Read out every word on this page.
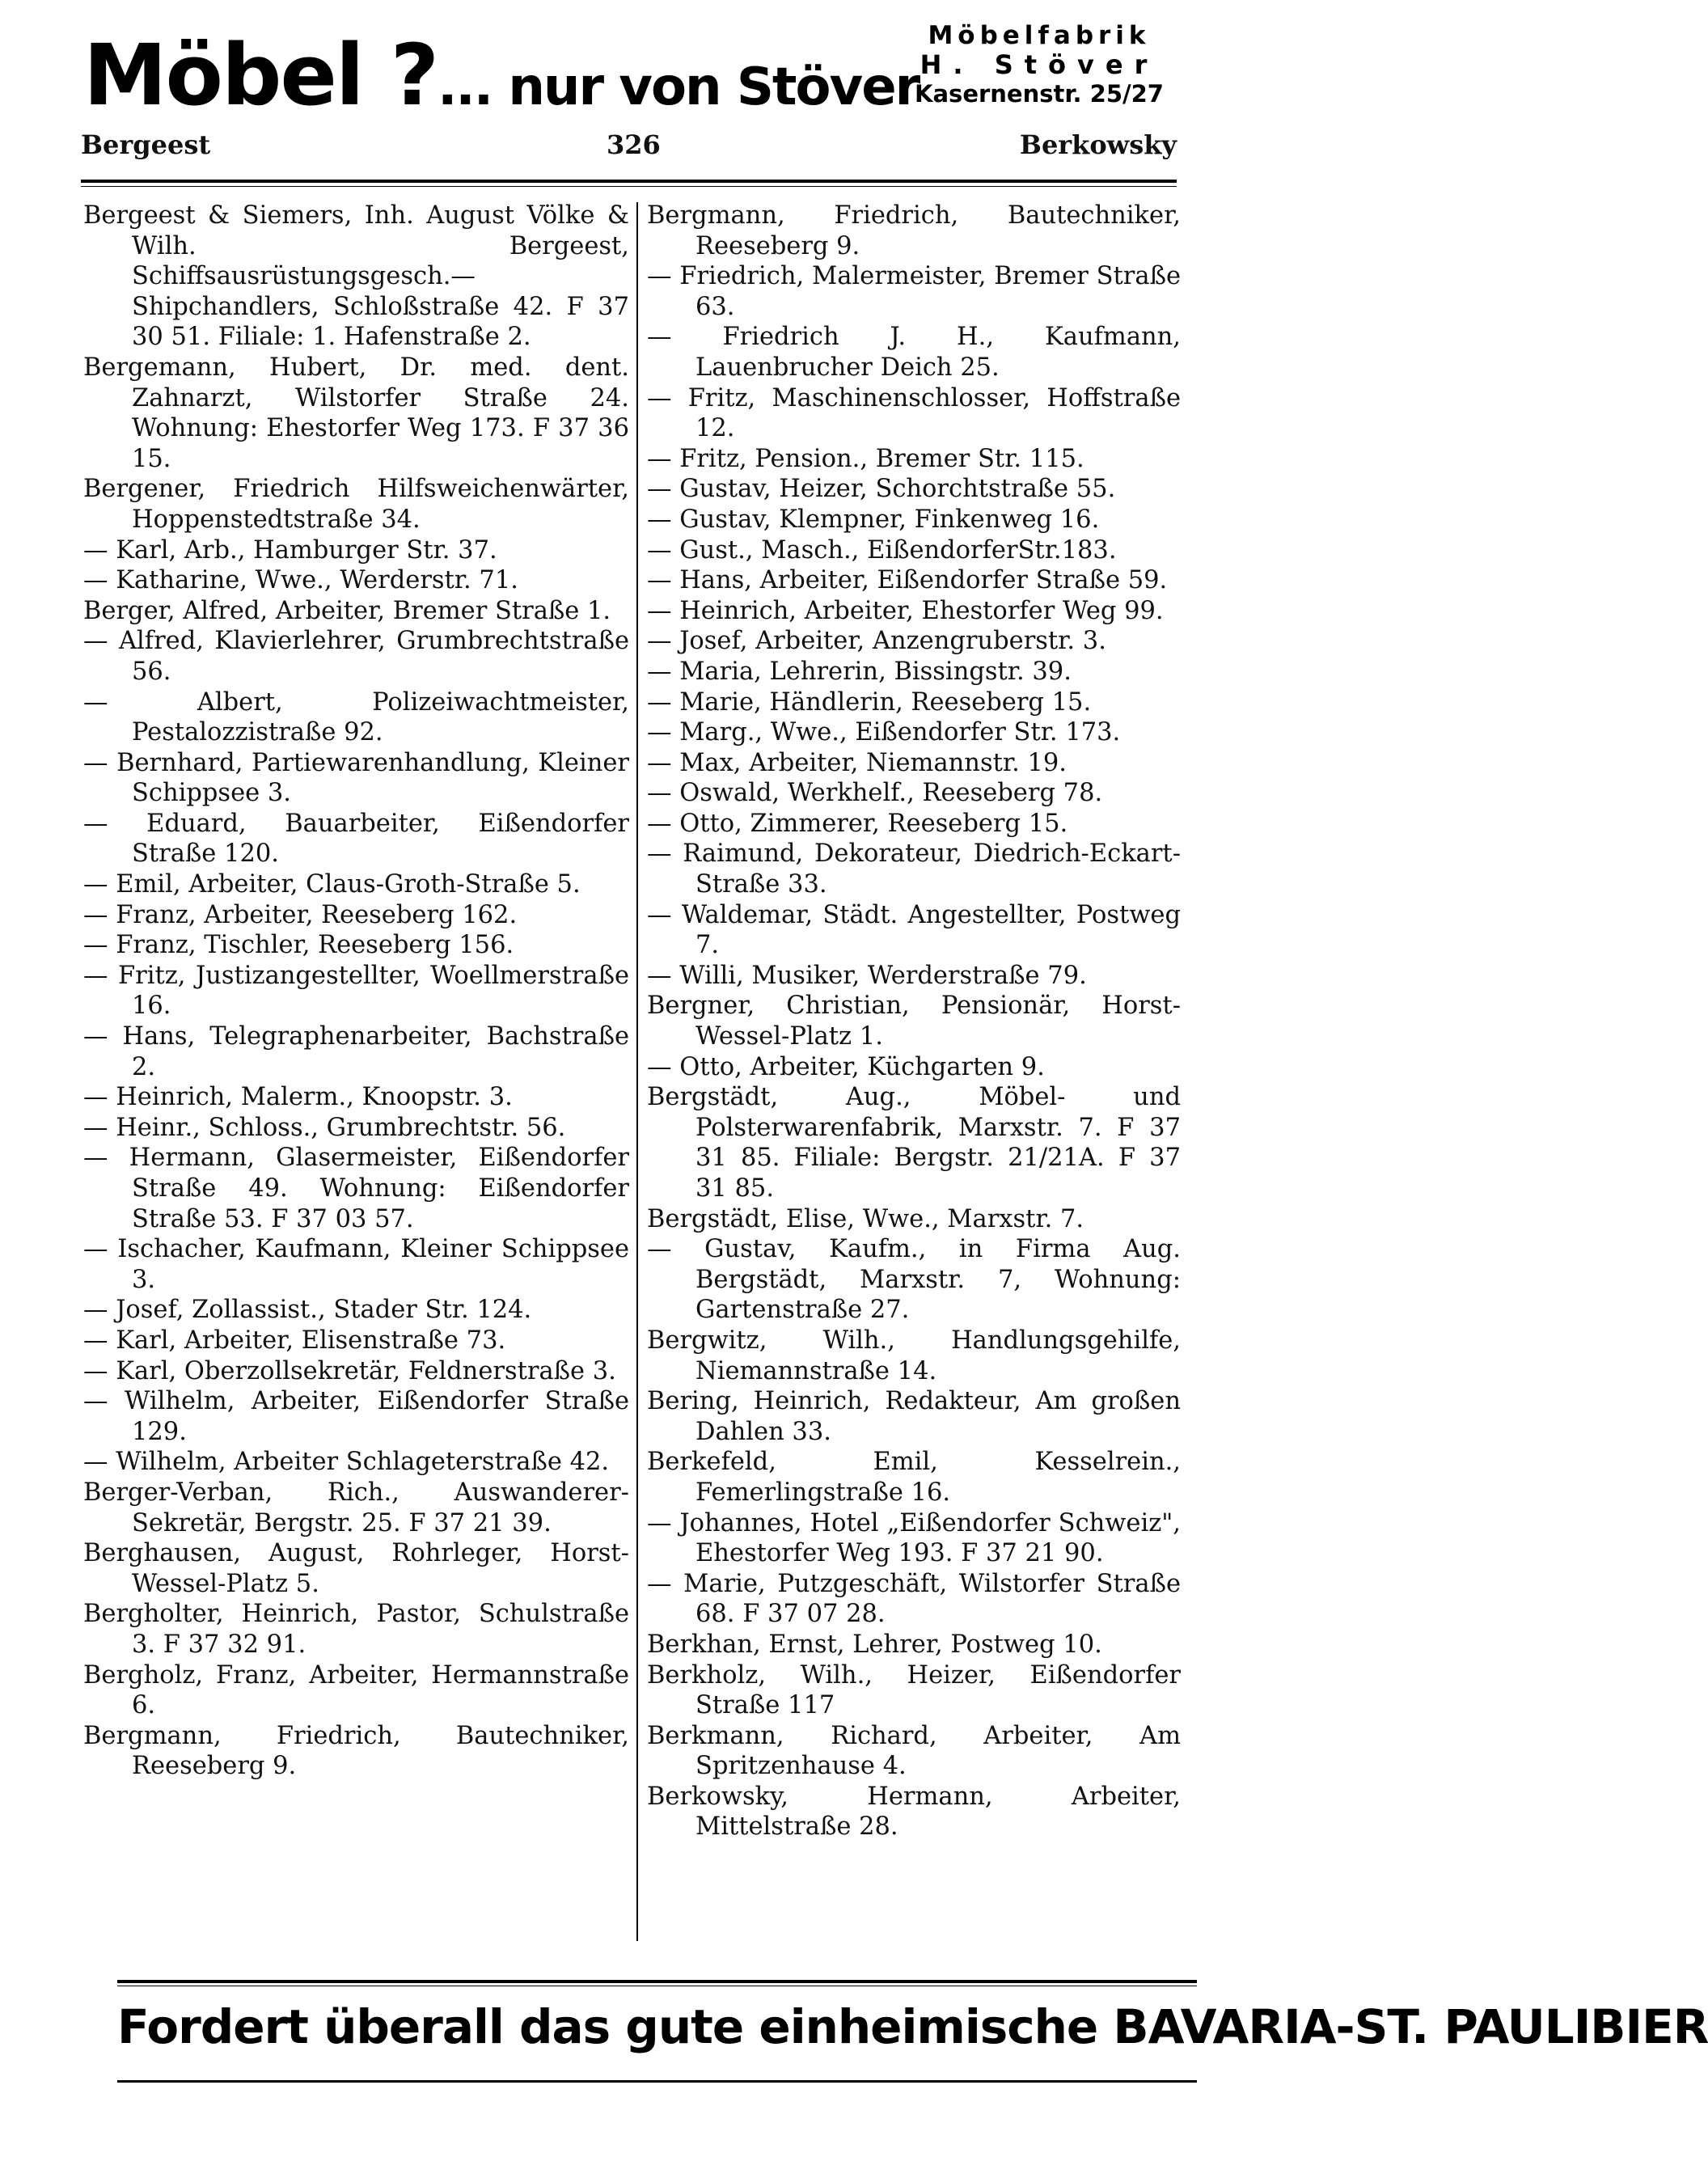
Möbel ?... nur von Stöver
Möbelfabrik
H. Stöver
Kasernenstr. 25/27
Bergeest	326	Berkowsky

Bergeest & Siemers, Inh. August Völke & Wilh. Bergeest, Schiffsausrüstungsgesch.—Shipchandlers, Schloßstraße 42. F 37 30 51. Filiale: 1. Hafenstraße 2.

Bergemann, Hubert, Dr. med. dent. Zahnarzt, Wilstorfer Straße 24. Wohnung: Ehestorfer Weg 173. F 37 36 15.

Bergener, Friedrich Hilfsweichenwärter, Hoppenstedtstraße 34.

— Karl, Arb., Hamburger Str. 37.

— Katharine, Wwe., Werderstr. 71.

Berger, Alfred, Arbeiter, Bremer Straße 1.

— Alfred, Klavierlehrer, Grumbrechtstraße 56.

— Albert, Polizeiwachtmeister, Pestalozzistraße 92.

— Bernhard, Partiewarenhandlung, Kleiner Schippsee 3.

— Eduard, Bauarbeiter, Eißendorfer Straße 120.

— Emil, Arbeiter, Claus-Groth-Straße 5.

— Franz, Arbeiter, Reeseberg 162.

— Franz, Tischler, Reeseberg 156.

— Fritz, Justizangestellter, Woellmerstraße 16.

— Hans, Telegraphenarbeiter, Bachstraße 2.

— Heinrich, Malerm., Knoopstr. 3.

— Heinr., Schloss., Grumbrechtstr. 56.

— Hermann, Glasermeister, Eißendorfer Straße 49. Wohnung: Eißendorfer Straße 53. F 37 03 57.

— Ischacher, Kaufmann, Kleiner Schippsee 3.

— Josef, Zollassist., Stader Str. 124.

— Karl, Arbeiter, Elisenstraße 73.

— Karl, Oberzollsekretär, Feldnerstraße 3.

— Wilhelm, Arbeiter, Eißendorfer Straße 129.

— Wilhelm, Arbeiter Schlageterstraße 42.

Berger-Verban, Rich., Auswanderer-Sekretär, Bergstr. 25. F 37 21 39.

Berghausen, August, Rohrleger, Horst-Wessel-Platz 5.

Bergholter, Heinrich, Pastor, Schulstraße 3. F 37 32 91.

Bergholz, Franz, Arbeiter, Hermannstraße 6.

Bergmann, Friedrich, Bautechniker, Reeseberg 9.

Bergmann, Friedrich, Bautechniker, Reeseberg 9.

— Friedrich, Malermeister, Bremer Straße 63.

— Friedrich J. H., Kaufmann, Lauenbrucher Deich 25.

— Fritz, Maschinenschlosser, Hoffstraße 12.

— Fritz, Pension., Bremer Str. 115.

— Gustav, Heizer, Schorchtstraße 55.

— Gustav, Klempner, Finkenweg 16.

— Gust., Masch., EißendorferStr.183.

— Hans, Arbeiter, Eißendorfer Straße 59.

— Heinrich, Arbeiter, Ehestorfer Weg 99.

— Josef, Arbeiter, Anzengruberstr. 3.

— Maria, Lehrerin, Bissingstr. 39.

— Marie, Händlerin, Reeseberg 15.

— Marg., Wwe., Eißendorfer Str. 173.

— Max, Arbeiter, Niemannstr. 19.

— Oswald, Werkhelf., Reeseberg 78.

— Otto, Zimmerer, Reeseberg 15.

— Raimund, Dekorateur, Diedrich-Eckart-Straße 33.

— Waldemar, Städt. Angestellter, Postweg 7.

— Willi, Musiker, Werderstraße 79.

Bergner, Christian, Pensionär, Horst-Wessel-Platz 1.

— Otto, Arbeiter, Küchgarten 9.

Bergstädt, Aug., Möbel- und Polsterwarenfabrik, Marxstr. 7. F 37 31 85. Filiale: Bergstr. 21/21A. F 37 31 85.

Bergstädt, Elise, Wwe., Marxstr. 7.

— Gustav, Kaufm., in Firma Aug. Bergstädt, Marxstr. 7, Wohnung: Gartenstraße 27.

Bergwitz, Wilh., Handlungsgehilfe, Niemannstraße 14.

Bering, Heinrich, Redakteur, Am großen Dahlen 33.

Berkefeld, Emil, Kesselrein., Femerlingstraße 16.

— Johannes, Hotel „Eißendorfer Schweiz", Ehestorfer Weg 193. F 37 21 90.

— Marie, Putzgeschäft, Wilstorfer Straße 68. F 37 07 28.

Berkhan, Ernst, Lehrer, Postweg 10.

Berkholz, Wilh., Heizer, Eißendorfer Straße 117

Berkmann, Richard, Arbeiter, Am Spritzenhause 4.

Berkowsky, Hermann, Arbeiter, Mittelstraße 28.

Fordert überall das gute einheimische BAVARIA-ST. PAULIBIER
